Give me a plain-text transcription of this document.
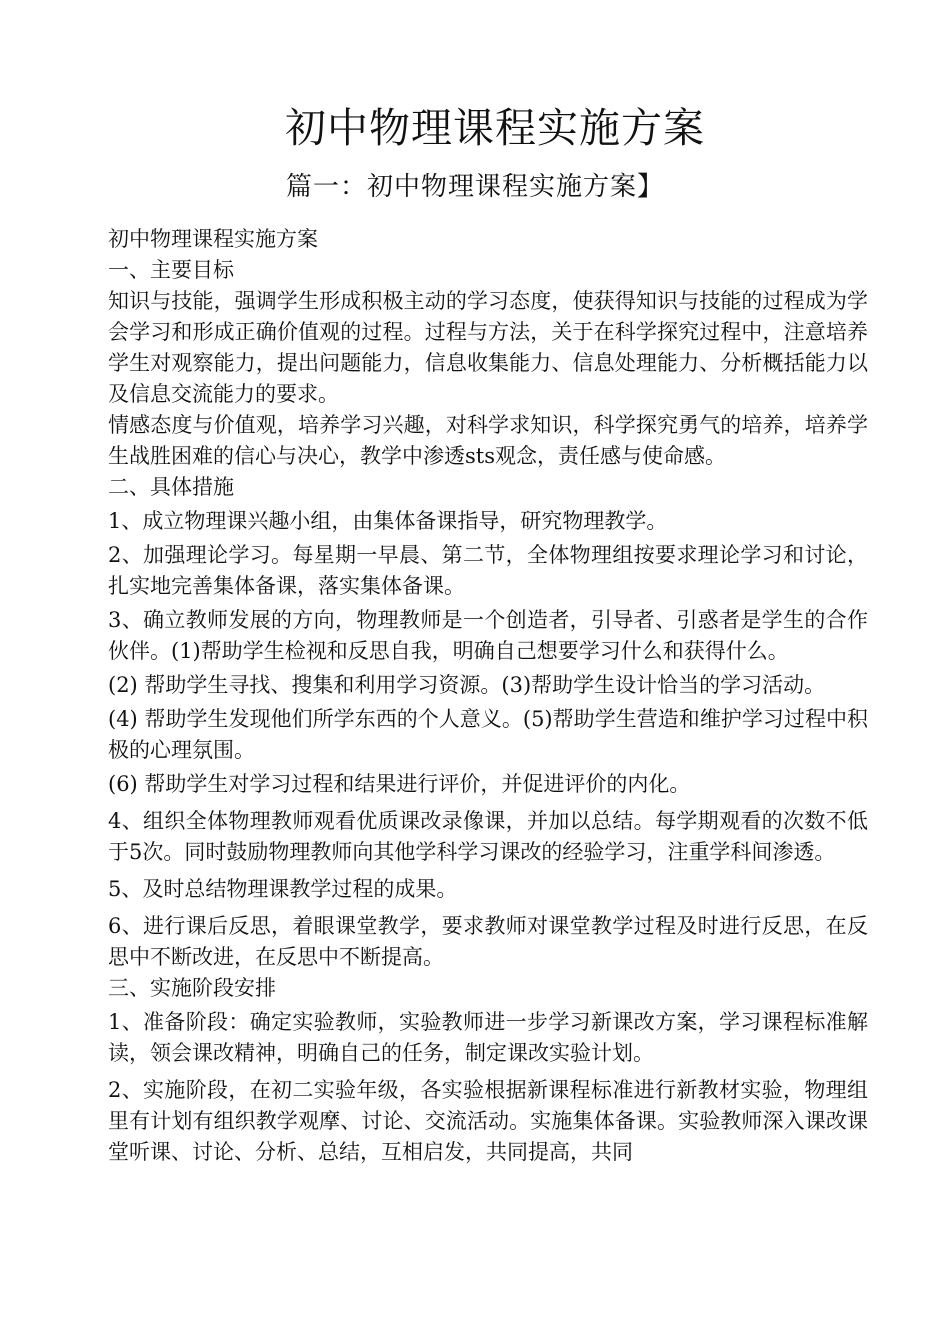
初中物理课程实施方案
篇一：初中物理课程实施方案】

初中物理课程实施方案

一、主要目标

知识与技能，强调学生形成积极主动的学习态度，使获得知识与技能的过程成为学会学习和形成正确价值观的过程。过程与方法，关于在科学探究过程中，注意培养学生对观察能力，提出问题能力，信息收集能力、信息处理能力、分析概括能力以及信息交流能力的要求。

情感态度与价值观，培养学习兴趣，对科学求知识，科学探究勇气的培养，培养学生战胜困难的信心与决心，教学中渗透sts观念，责任感与使命感。

二、具体措施

1、成立物理课兴趣小组，由集体备课指导，研究物理教学。

2、加强理论学习。每星期一早晨、第二节，全体物理组按要求理论学习和讨论，扎实地完善集体备课，落实集体备课。

3、确立教师发展的方向，物理教师是一个创造者，引导者、引惑者是学生的合作伙伴。(1)帮助学生检视和反思自我，明确自己想要学习什么和获得什么。

(2) 帮助学生寻找、搜集和利用学习资源。(3)帮助学生设计恰当的学习活动。

(4) 帮助学生发现他们所学东西的个人意义。(5)帮助学生营造和维护学习过程中积极的心理氛围。

(6) 帮助学生对学习过程和结果进行评价，并促进评价的内化。

4、组织全体物理教师观看优质课改录像课，并加以总结。每学期观看的次数不低于5次。同时鼓励物理教师向其他学科学习课改的经验学习，注重学科间渗透。

5、及时总结物理课教学过程的成果。

6、进行课后反思，着眼课堂教学，要求教师对课堂教学过程及时进行反思，在反思中不断改进，在反思中不断提高。

三、实施阶段安排

1、准备阶段：确定实验教师，实验教师进一步学习新课改方案，学习课程标准解读，领会课改精神，明确自己的任务，制定课改实验计划。

2、实施阶段，在初二实验年级，各实验根据新课程标准进行新教材实验，物理组里有计划有组织教学观摩、讨论、交流活动。实施集体备课。实验教师深入课改课堂听课、讨论、分析、总结，互相启发，共同提高，共同
